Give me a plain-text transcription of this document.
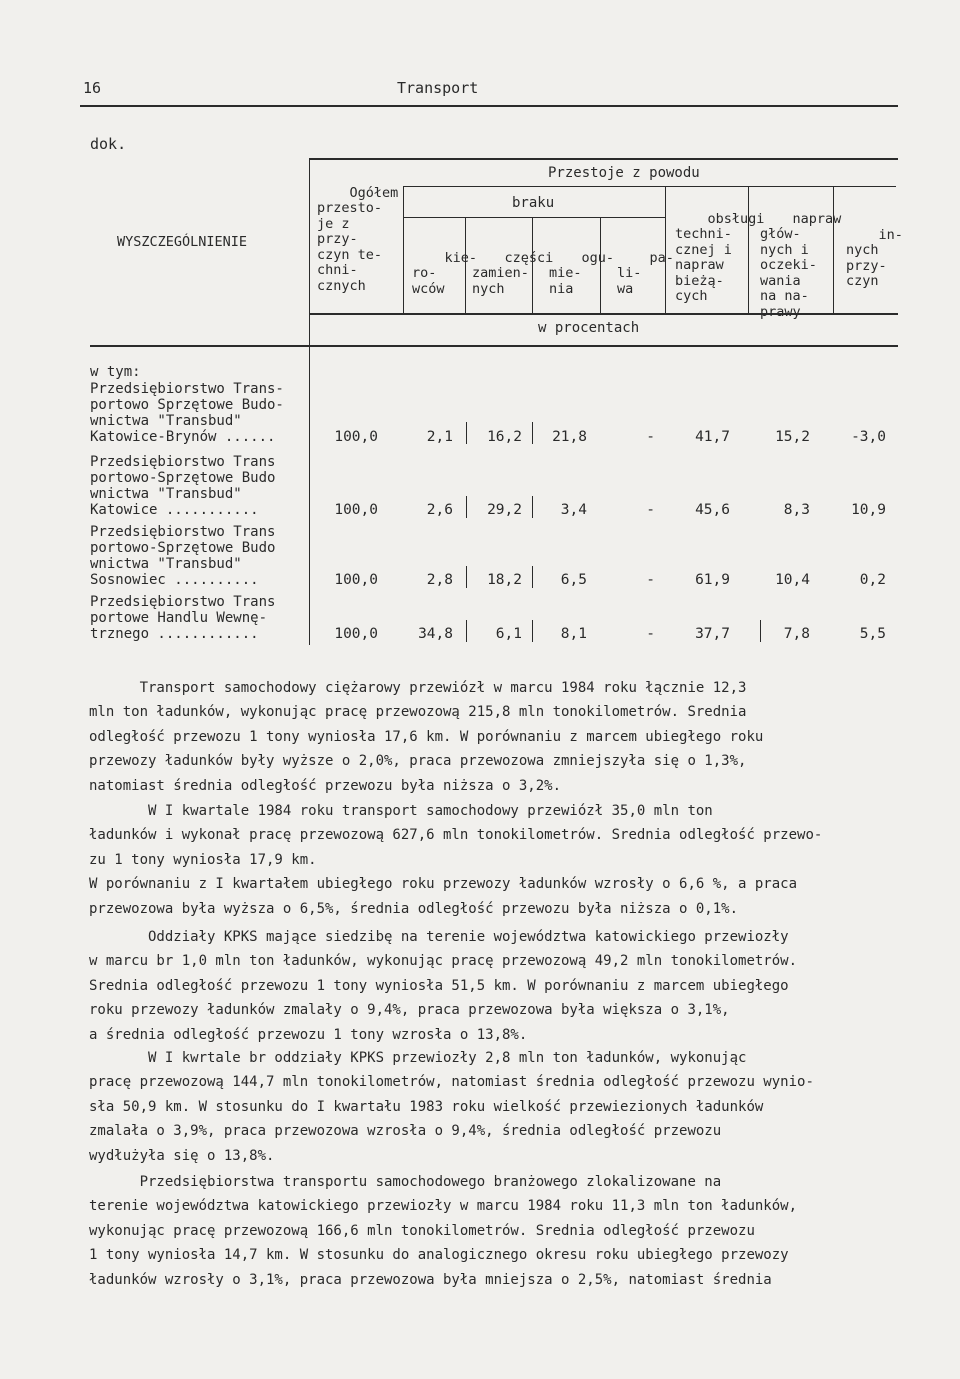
16	Transport
dok.
WYSZCZEGÓLNIENIE

Ogółem
przesto-
je z
przy-
czyn te-
chni-
cznych

Przestoje z powodu
braku

kie-
ro-
wców

części
zamien-
nych

ogu-
mie-
nia

pa-
li-
wa

obsługi
techni-
cznej i
napraw
bieżą-
cych

napraw
głów-
nych i
oczeki-
wania
na na-
prawy

in-
nych
przy-
czyn

w procentach
w tym:
Przedsiębiorstwo Trans-
portowo Sprzętowe Budo-
wnictwa "Transbud"
Katowice-Brynów ......	100,0	2,1	16,2	21,8	-	41,7	15,2	-3,0
Przedsiębiorstwo Trans
portowo-Sprzętowe Budo
wnictwa "Transbud"
Katowice ...........	100,0	2,6	29,2	3,4	-	45,6	8,3	10,9
Przedsiębiorstwo Trans
portowo-Sprzętowe Budo
wnictwa "Transbud"
Sosnowiec ..........	100,0	2,8	18,2	6,5	-	61,9	10,4	0,2
Przedsiębiorstwo Trans
portowe Handlu Wewnę-
trznego ............	100,0	34,8	6,1	8,1	-	37,7	7,8	5,5
Transport samochodowy ciężarowy przewiózł w marcu 1984 roku łącznie 12,3
mln ton ładunków, wykonując pracę przewozową 215,8 mln tonokilometrów. Srednia
odległość przewozu 1 tony wyniosła 17,6 km. W porównaniu z marcem ubiegłego roku
przewozy ładunków były wyższe o 2,0%, praca przewozowa zmniejszyła się o 1,3%,
natomiast średnia odległość przewozu była niższa o 3,2%.
W I kwartale 1984 roku transport samochodowy przewiózł 35,0 mln ton
ładunków i wykonał pracę przewozową 627,6 mln tonokilometrów. Srednia odległość przewo-
zu 1 tony wyniosła 17,9 km.
W porównaniu z I kwartałem ubiegłego roku przewozy ładunków wzrosły o 6,6 %, a praca
przewozowa była wyższa o 6,5%, średnia odległość przewozu była niższa o 0,1%.
Oddziały KPKS mające siedzibę na terenie województwa katowickiego przewiozły
w marcu br 1,0 mln ton ładunków, wykonując pracę przewozową 49,2 mln tonokilometrów.
Srednia odległość przewozu 1 tony wyniosła 51,5 km. W porównaniu z marcem ubiegłego
roku przewozy ładunków zmalały o 9,4%, praca przewozowa była większa o 3,1%,
a średnia odległość przewozu 1 tony wzrosła o 13,8%.
W I kwrtale br oddziały KPKS przewiozły 2,8 mln ton ładunków, wykonując
pracę przewozową 144,7 mln tonokilometrów, natomiast średnia odległość przewozu wynio-
sła 50,9 km. W stosunku do I kwartału 1983 roku wielkość przewiezionych ładunków
zmalała o 3,9%, praca przewozowa wzrosła o 9,4%, średnia odległość przewozu
wydłużyła się o 13,8%.
Przedsiębiorstwa transportu samochodowego branżowego zlokalizowane na
terenie województwa katowickiego przewiozły w marcu 1984 roku 11,3 mln ton ładunków,
wykonując pracę przewozową 166,6 mln tonokilometrów. Srednia odległość przewozu
1 tony wyniosła 14,7 km. W stosunku do analogicznego okresu roku ubiegłego przewozy
ładunków wzrosły o 3,1%, praca przewozowa była mniejsza o 2,5%, natomiast średnia
